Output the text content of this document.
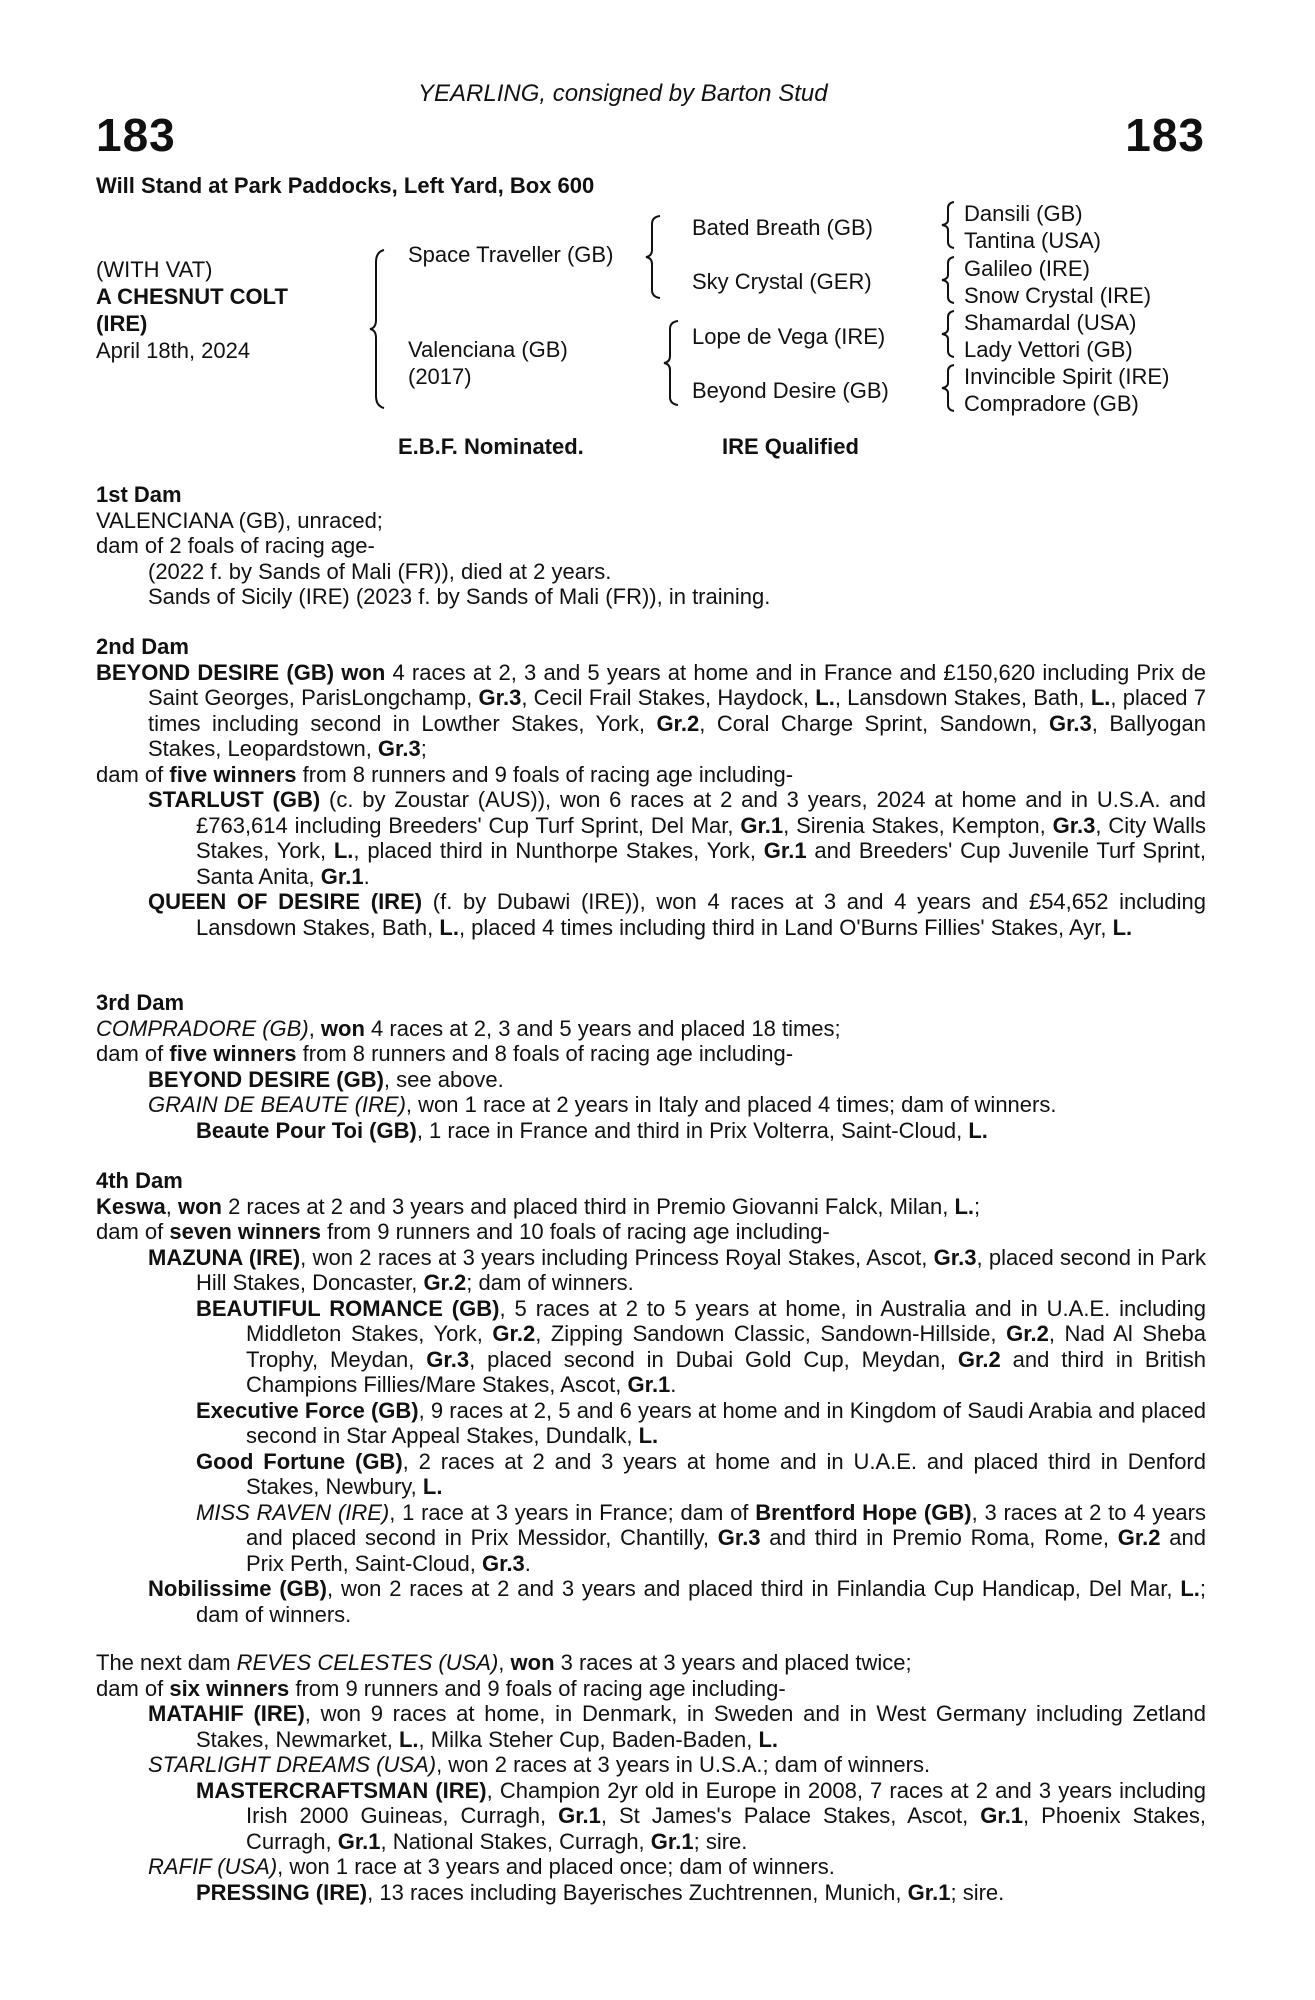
YEARLING, consigned by Barton Stud
183	183
Will Stand at Park Paddocks, Left Yard, Box 600
(WITH VAT)
A CHESNUT COLT
(IRE)
April 18th, 2024
Space Traveller (GB)
Valenciana (GB)
(2017)
Bated Breath (GB)
Sky Crystal (GER)
Lope de Vega (IRE)
Beyond Desire (GB)
Dansili (GB)
Tantina (USA)
Galileo (IRE)
Snow Crystal (IRE)
Shamardal (USA)
Lady Vettori (GB)
Invincible Spirit (IRE)
Compradore (GB)
E.B.F. Nominated.	IRE Qualified

1st Dam

VALENCIANA (GB), unraced;

dam of 2 foals of racing age-

(2022 f. by Sands of Mali (FR)), died at 2 years.

Sands of Sicily (IRE) (2023 f. by Sands of Mali (FR)), in training.

2nd Dam

BEYOND DESIRE (GB) won 4 races at 2, 3 and 5 years at home and in France and £150,620 including Prix de Saint Georges, ParisLongchamp, Gr.3, Cecil Frail Stakes, Haydock, L., Lansdown Stakes, Bath, L., placed 7 times including second in Lowther Stakes, York, Gr.2, Coral Charge Sprint, Sandown, Gr.3, Ballyogan Stakes, Leopardstown, Gr.3;

dam of five winners from 8 runners and 9 foals of racing age including-

STARLUST (GB) (c. by Zoustar (AUS)), won 6 races at 2 and 3 years, 2024 at home and in U.S.A. and £763,614 including Breeders' Cup Turf Sprint, Del Mar, Gr.1, Sirenia Stakes, Kempton, Gr.3, City Walls Stakes, York, L., placed third in Nunthorpe Stakes, York, Gr.1 and Breeders' Cup Juvenile Turf Sprint, Santa Anita, Gr.1.

QUEEN OF DESIRE (IRE) (f. by Dubawi (IRE)), won 4 races at 3 and 4 years and £54,652 including Lansdown Stakes, Bath, L., placed 4 times including third in Land O'Burns Fillies' Stakes, Ayr, L.

3rd Dam

COMPRADORE (GB), won 4 races at 2, 3 and 5 years and placed 18 times;

dam of five winners from 8 runners and 8 foals of racing age including-

BEYOND DESIRE (GB), see above.

GRAIN DE BEAUTE (IRE), won 1 race at 2 years in Italy and placed 4 times; dam of winners.

Beaute Pour Toi (GB), 1 race in France and third in Prix Volterra, Saint-Cloud, L.

4th Dam

Keswa, won 2 races at 2 and 3 years and placed third in Premio Giovanni Falck, Milan, L.;

dam of seven winners from 9 runners and 10 foals of racing age including-

MAZUNA (IRE), won 2 races at 3 years including Princess Royal Stakes, Ascot, Gr.3, placed second in Park Hill Stakes, Doncaster, Gr.2; dam of winners.

BEAUTIFUL ROMANCE (GB), 5 races at 2 to 5 years at home, in Australia and in U.A.E. including Middleton Stakes, York, Gr.2, Zipping Sandown Classic, Sandown-Hillside, Gr.2, Nad Al Sheba Trophy, Meydan, Gr.3, placed second in Dubai Gold Cup, Meydan, Gr.2 and third in British Champions Fillies/Mare Stakes, Ascot, Gr.1.

Executive Force (GB), 9 races at 2, 5 and 6 years at home and in Kingdom of Saudi Arabia and placed second in Star Appeal Stakes, Dundalk, L.

Good Fortune (GB), 2 races at 2 and 3 years at home and in U.A.E. and placed third in Denford Stakes, Newbury, L.

MISS RAVEN (IRE), 1 race at 3 years in France; dam of Brentford Hope (GB), 3 races at 2 to 4 years and placed second in Prix Messidor, Chantilly, Gr.3 and third in Premio Roma, Rome, Gr.2 and Prix Perth, Saint-Cloud, Gr.3.

Nobilissime (GB), won 2 races at 2 and 3 years and placed third in Finlandia Cup Handicap, Del Mar, L.; dam of winners.

The next dam REVES CELESTES (USA), won 3 races at 3 years and placed twice;

dam of six winners from 9 runners and 9 foals of racing age including-

MATAHIF (IRE), won 9 races at home, in Denmark, in Sweden and in West Germany including Zetland Stakes, Newmarket, L., Milka Steher Cup, Baden-Baden, L.

STARLIGHT DREAMS (USA), won 2 races at 3 years in U.S.A.; dam of winners.

MASTERCRAFTSMAN (IRE), Champion 2yr old in Europe in 2008, 7 races at 2 and 3 years including Irish 2000 Guineas, Curragh, Gr.1, St James's Palace Stakes, Ascot, Gr.1, Phoenix Stakes, Curragh, Gr.1, National Stakes, Curragh, Gr.1; sire.

RAFIF (USA), won 1 race at 3 years and placed once; dam of winners.

PRESSING (IRE), 13 races including Bayerisches Zuchtrennen, Munich, Gr.1; sire.
